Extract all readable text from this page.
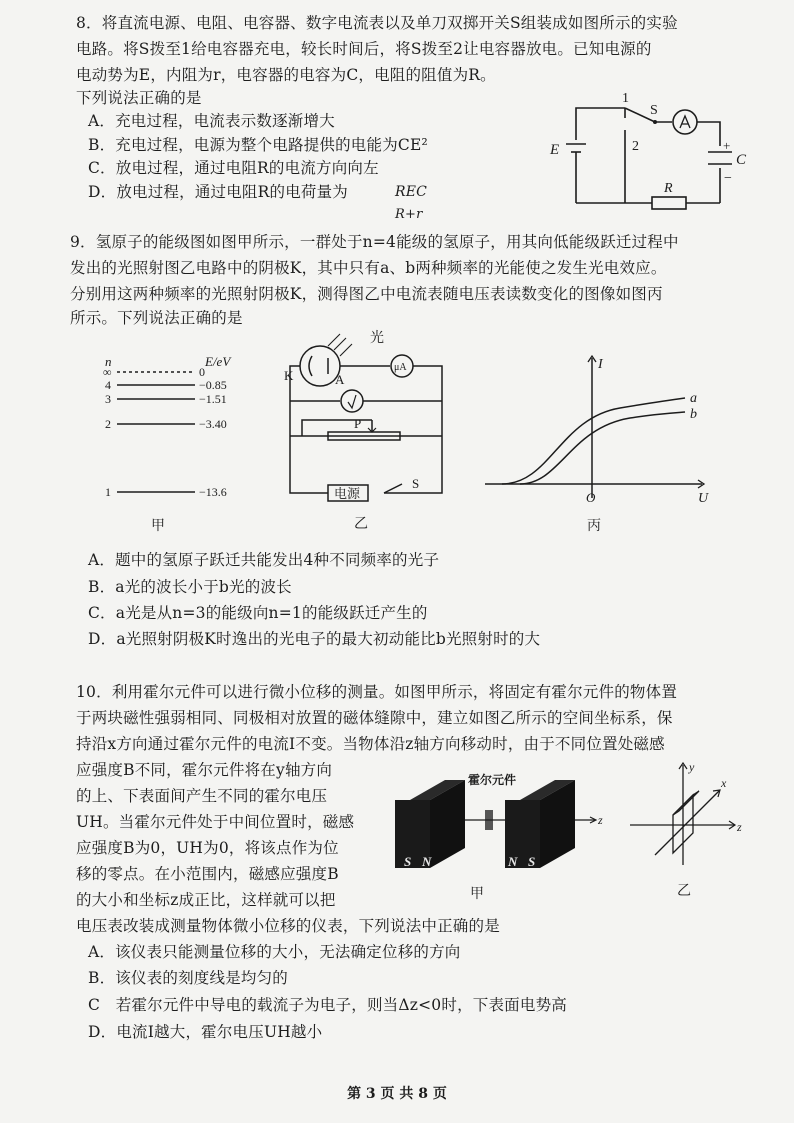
8．将直流电源、电阻、电容器、数字电流表以及单刀双掷开关S组装成如图所示的实验
电路。将S拨至1给电容器充电，较长时间后，将S拨至2让电容器放电。已知电源的
电动势为E，内阻为r，电容器的电容为C，电阻的阻值为R。
下列说法正确的是
A．充电过程，电流表示数逐渐增大
B．充电过程，电源为整个电路提供的电能为CE²
C．放电过程，通过电阻R的电流方向向左
D．放电过程，通过电阻R的电荷量为	REC
R+r
1
2
S
E
C
+
−
R
9．氢原子的能级图如图甲所示，一群处于n=4能级的氢原子，用其向低能级跃迁过程中
发出的光照射图乙电路中的阴极K，其中只有a、b两种频率的光能使之发生光电效应。
分别用这两种频率的光照射阴极K，测得图乙中电流表随电压表读数变化的图像如图丙
所示。下列说法正确的是
n	E/eV
∞	0
4	−0.85
3	−1.51
2	−3.40
1	−13.6
甲
光
K	A
μA
P
电源
S
乙
I
U
O
a
b
丙
A．题中的氢原子跃迁共能发出4种不同频率的光子
B．a光的波长小于b光的波长
C．a光是从n=3的能级向n=1的能级跃迁产生的
D．a光照射阴极K时逸出的光电子的最大初动能比b光照射时的大
10．利用霍尔元件可以进行微小位移的测量。如图甲所示，将固定有霍尔元件的物体置
于两块磁性强弱相同、同极相对放置的磁体缝隙中，建立如图乙所示的空间坐标系，保
持沿x方向通过霍尔元件的电流I不变。当物体沿z轴方向移动时，由于不同位置处磁感
应强度B不同，霍尔元件将在y轴方向
的上、下表面间产生不同的霍尔电压
UH。当霍尔元件处于中间位置时，磁感
应强度B为0，UH为0，将该点作为位
移的零点。在小范围内，磁感应强度B
的大小和坐标z成正比，这样就可以把
电压表改装成测量物体微小位移的仪表，下列说法中正确的是
霍尔元件
S N	N S
z
甲
y
x
z
乙
A．该仪表只能测量位移的大小，无法确定位移的方向
B．该仪表的刻度线是均匀的
C　若霍尔元件中导电的载流子为电子，则当Δz<0时，下表面电势高
D．电流I越大，霍尔电压UH越小
第 3 页 共 8 页
